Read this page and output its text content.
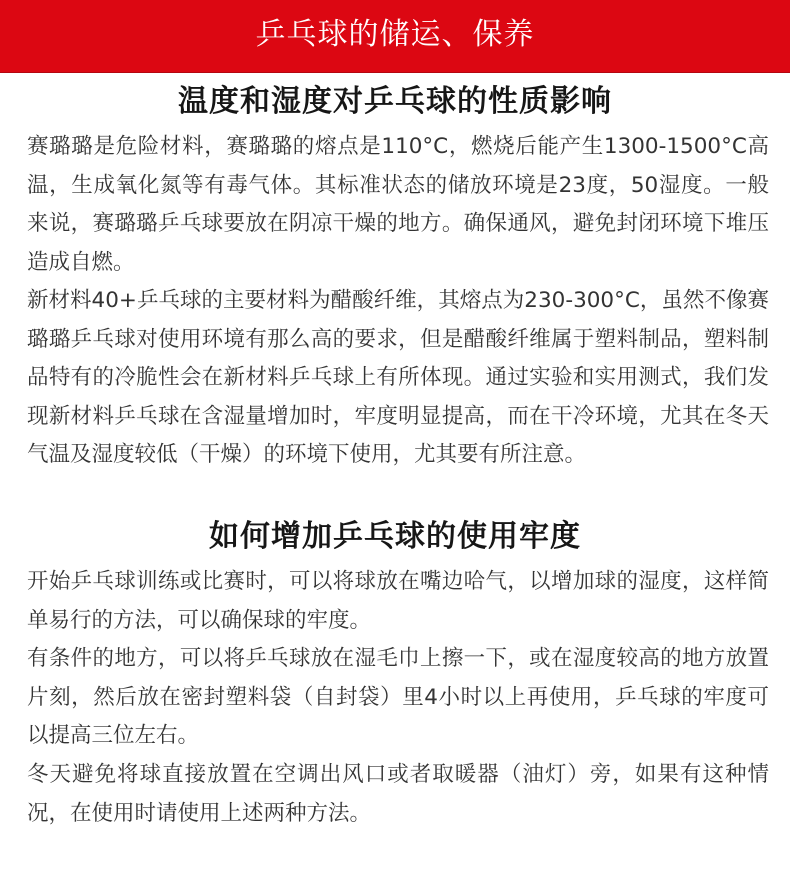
乒乓球的储运、保养
温度和湿度对乒乓球的性质影响

赛璐璐是危险材料，赛璐璐的熔点是110°C，燃烧后能产生1300-1500°C高温，生成氧化氮等有毒气体。其标准状态的储放环境是23度，50湿度。一般来说，赛璐璐乒乓球要放在阴凉干燥的地方。确保通风，避免封闭环境下堆压造成自燃。

新材料40+乒乓球的主要材料为醋酸纤维，其熔点为230-300°C，虽然不像赛璐璐乒乓球对使用环境有那么高的要求，但是醋酸纤维属于塑料制品，塑料制品特有的冷脆性会在新材料乒乓球上有所体现。通过实验和实用测式，我们发现新材料乒乓球在含湿量增加时，牢度明显提高，而在干冷环境，尤其在冬天气温及湿度较低（干燥）的环境下使用，尤其要有所注意。

如何增加乒乓球的使用牢度

开始乒乓球训练或比赛时，可以将球放在嘴边哈气，以增加球的湿度，这样简单易行的方法，可以确保球的牢度。

有条件的地方，可以将乒乓球放在湿毛巾上擦一下，或在湿度较高的地方放置片刻，然后放在密封塑料袋（自封袋）里4小时以上再使用，乒乓球的牢度可以提高三位左右。

冬天避免将球直接放置在空调出风口或者取暖器（油灯）旁，如果有这种情况，在使用时请使用上述两种方法。
